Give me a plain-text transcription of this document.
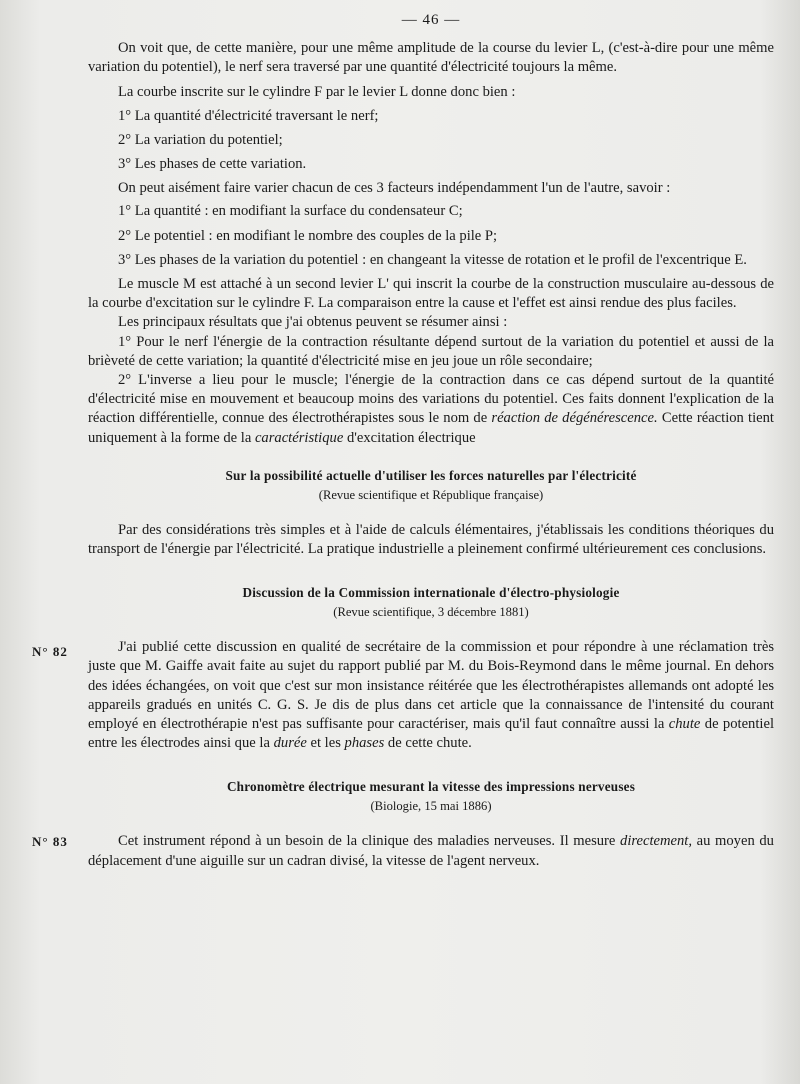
— 46 —

On voit que, de cette manière, pour une même amplitude de la course du levier L, (c'est-à-dire pour une même variation du potentiel), le nerf sera traversé par une quantité d'électricité toujours la même.

La courbe inscrite sur le cylindre F par le levier L donne donc bien :

1° La quantité d'électricité traversant le nerf;

2° La variation du potentiel;

3° Les phases de cette variation.

On peut aisément faire varier chacun de ces 3 facteurs indépendamment l'un de l'autre, savoir :

1° La quantité : en modifiant la surface du condensateur C;

2° Le potentiel : en modifiant le nombre des couples de la pile P;

3° Les phases de la variation du potentiel : en changeant la vitesse de rotation et le profil de l'excentrique E.

Le muscle M est attaché à un second levier L' qui inscrit la courbe de la construction musculaire au-dessous de la courbe d'excitation sur le cylindre F. La comparaison entre la cause et l'effet est ainsi rendue des plus faciles.

Les principaux résultats que j'ai obtenus peuvent se résumer ainsi :

1° Pour le nerf l'énergie de la contraction résultante dépend surtout de la variation du potentiel et aussi de la brièveté de cette variation; la quantité d'électricité mise en jeu joue un rôle secondaire;

2° L'inverse a lieu pour le muscle; l'énergie de la contraction dans ce cas dépend surtout de la quantité d'électricité mise en mouvement et beaucoup moins des variations du potentiel. Ces faits donnent l'explication de la réaction différentielle, connue des électrothérapistes sous le nom de réaction de dégénérescence. Cette réaction tient uniquement à la forme de la caractéristique d'excitation électrique

Sur la possibilité actuelle d'utiliser les forces naturelles par l'électricité
(Revue scientifique et République française)

Par des considérations très simples et à l'aide de calculs élémentaires, j'établissais les conditions théoriques du transport de l'énergie par l'électricité. La pratique industrielle a pleinement confirmé ultérieurement ces conclusions.

Discussion de la Commission internationale d'électro-physiologie
(Revue scientifique, 3 décembre 1881)
N° 82	J'ai publié cette discussion en qualité de secrétaire de la commission et pour répondre à une réclamation très juste que M. Gaiffe avait faite au sujet du rapport publié par M. du Bois-Reymond dans le même journal. En dehors des idées échangées, on voit que c'est sur mon insistance réitérée que les électrothérapistes allemands ont adopté les appareils gradués en unités C. G. S. Je dis de plus dans cet article que la connaissance de l'intensité du courant employé en électrothérapie n'est pas suffisante pour caractériser, mais qu'il faut connaître aussi la chute de potentiel entre les électrodes ainsi que la durée et les phases de cette chute.

Chronomètre électrique mesurant la vitesse des impressions nerveuses
(Biologie, 15 mai 1886)
N° 83	Cet instrument répond à un besoin de la clinique des maladies nerveuses. Il mesure directement, au moyen du déplacement d'une aiguille sur un cadran divisé, la vitesse de l'agent nerveux.
